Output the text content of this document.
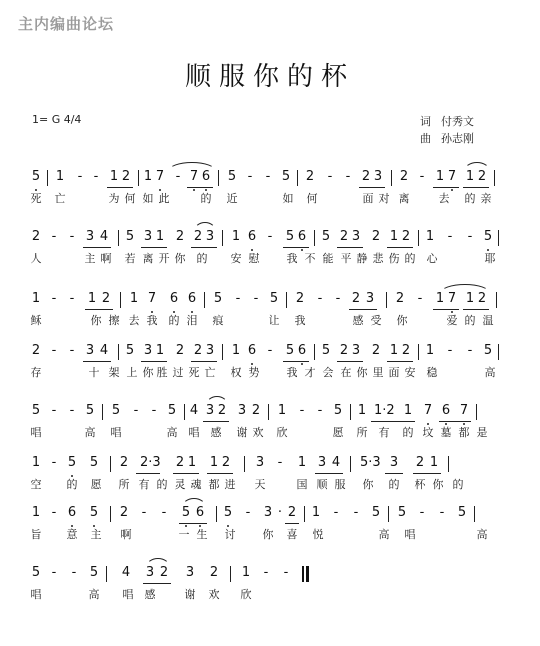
主内编曲论坛
顺服你的杯
1= G 4/4	词 付秀文
曲 孙志刚
5 1	- - 1 2 1 7 - 7 6 5 -	- 5 2	-	- 2 3 2 - 1 7 1 2
死 亡	为 何 如 此	的 近	如 何	面 对 离	去 的 亲
2 -	- 3 4 5 3 1 2 2 3 1 6 -	5 6 5 2 3 2 1 2 1	-	- 5
人	主 啊 若 离 开 你 的 安 慰 我 不 能 平 静 悲 伤 的 心	耶
1 -	-	1 2 1 7 6 6 5	-	- 5 2	-	- 2 3 2	-	1 7 1 2
稣	你 擦 去 我 的 泪 痕	让 我	感 受 你	爱 的 温
2 -	- 3 4 5 3 1 2 2 3 1 6 -	5 6 5 2 3 2 1 2 1	-	- 5
存	十 架 上 你 胜 过 死 亡 权 势 我 才 会 在 你 里 面 安 稳	高
5 -	- 5 5	-	- 5 4 3 2 3 2 1	-	- 5 1 1·2 1 7 6 7
唱	高 唱	高 唱 感 谢 欢 欣	愿 所 有 的 坟 墓 都 是
1 - 5 5 2 2·3 2 1 1 2 3	-	1 3 4 5·3 3 2 1
空 的 愿 所 有 的 灵 魂 都 进 天	国 顺 服 你 的 杯 你 的
1 - 6 5 2	-	-	5 6 5	-	3 · 2 1	-	-	5 5	-	-	5
旨 意 主 啊	一 生 讨 你 喜 悦	高 唱	高
5 -	-	5 4 3 2 3 2 1	-	-
唱	高 唱 感	谢 欢 欣
